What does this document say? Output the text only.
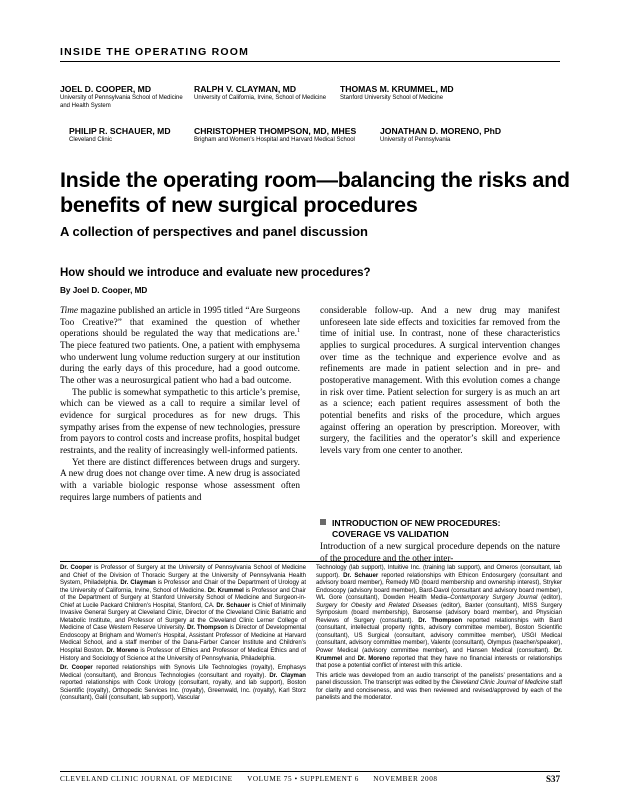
INSIDE THE OPERATING ROOM
JOEL D. COOPER, MD
University of Pennsylvania School of Medicine and Health System
RALPH V. CLAYMAN, MD
University of California, Irvine, School of Medicine
THOMAS M. KRUMMEL, MD
Stanford University School of Medicine
PHILIP R. SCHAUER, MD
Cleveland Clinic
CHRISTOPHER THOMPSON, MD, MHES
Brigham and Women’s Hospital and Harvard Medical School
JONATHAN D. MORENO, PhD
University of Pennsylvania
Inside the operating room—balancing the risks and benefits of new surgical procedures
A collection of perspectives and panel discussion
How should we introduce and evaluate new procedures?
By Joel D. Cooper, MD

Time magazine published an article in 1995 titled “Are Surgeons Too Creative?” that examined the question of whether operations should be regulated the way that medications are.$^1$ The piece featured two patients. One, a patient with emphysema who underwent lung volume reduction surgery at our institution during the early days of this procedure, had a good outcome. The other was a neurosurgical patient who had a bad outcome.

The public is somewhat sympathetic to this article’s premise, which can be viewed as a call to require a similar level of evidence for surgical procedures as for new drugs. This sympathy arises from the expense of new technologies, pressure from payors to control costs and increase profits, hospital budget restraints, and the reality of increasingly well-informed patients.

Yet there are distinct differences between drugs and surgery. A new drug does not change over time. A new drug is associated with a variable biologic response whose assessment often requires large numbers of patients and

considerable follow-up. And a new drug may manifest unforeseen late side effects and toxicities far removed from the time of initial use. In contrast, none of these characteristics applies to surgical procedures. A surgical intervention changes over time as the technique and experience evolve and as refinements are made in patient selection and in pre- and postoperative management. With this evolution comes a change in risk over time. Patient selection for surgery is as much an art as a science; each patient requires assessment of both the potential benefits and risks of the procedure, which argues against offering an operation by prescription. Moreover, with surgery, the facilities and the operator’s skill and experience levels vary from one center to another.

INTRODUCTION OF NEW PROCEDURES:
COVERAGE VS VALIDATION

Introduction of a new surgical procedure depends on the nature of the procedure and the other inter-

Dr. Cooper is Professor of Surgery at the University of Pennsylvania School of Medicine and Chief of the Division of Thoracic Surgery at the University of Pennsylvania Health System, Philadelphia. Dr. Clayman is Professor and Chair of the Department of Urology at the University of California, Irvine, School of Medicine. Dr. Krummel is Professor and Chair of the Department of Surgery at Stanford University School of Medicine and Surgeon-in-Chief at Lucile Packard Children’s Hospital, Stanford, CA. Dr. Schauer is Chief of Minimally Invasive General Surgery at Cleveland Clinic, Director of the Cleveland Clinic Bariatric and Metabolic Institute, and Professor of Surgery at the Cleveland Clinic Lerner College of Medicine of Case Western Reserve University. Dr. Thompson is Director of Developmental Endoscopy at Brigham and Women’s Hospital, Assistant Professor of Medicine at Harvard Medical School, and a staff member of the Dana-Farber Cancer Institute and Children’s Hospital Boston. Dr. Moreno is Professor of Ethics and Professor of Medical Ethics and of History and Sociology of Science at the University of Pennsylvania, Philadelphia.

Dr. Cooper reported relationships with Synovis Life Technologies (royalty), Emphasys Medical (consultant), and Broncus Technologies (consultant and royalty). Dr. Clayman reported relationships with Cook Urology (consultant, royalty, and lab support), Boston Scientific (royalty), Orthopedic Services Inc. (royalty), Greenwald, Inc. (royalty), Karl Storz (consultant), Galil (consultant, lab support), Vascular

Technology (lab support), Intuitive Inc. (training lab support), and Omeros (consultant, lab support). Dr. Schauer reported relationships with Ethicon Endosurgery (consultant and advisory board member), Remedy MD (board membership and ownership interest), Stryker Endoscopy (advisory board member), Bard-Davol (consultant and advisory board member), WL Gore (consultant), Dowden Health Media–Contemporary Surgery Journal (editor), Surgery for Obesity and Related Diseases (editor), Baxter (consultant), MISS Surgery Symposium (board membership), Barosense (advisory board member), and Physician Reviews of Surgery (consultant). Dr. Thompson reported relationships with Bard (consultant, intellectual property rights, advisory committee member), Boston Scientific (consultant), US Surgical (consultant, advisory committee member), USGI Medical (consultant, advisory committee member), Valentx (consultant), Olympus (teacher/speaker), Power Medical (advisory committee member), and Hansen Medical (consultant). Dr. Krummel and Dr. Moreno reported that they have no financial interests or relationships that pose a potential conflict of interest with this article.

This article was developed from an audio transcript of the panelists’ presentations and a panel discussion. The transcript was edited by the Cleveland Clinic Journal of Medicine staff for clarity and conciseness, and was then reviewed and revised/approved by each of the panelists and the moderator.

CLEVELAND CLINIC JOURNAL OF MEDICINE VOLUME 75 • SUPPLEMENT 6 NOVEMBER 2008	S37
